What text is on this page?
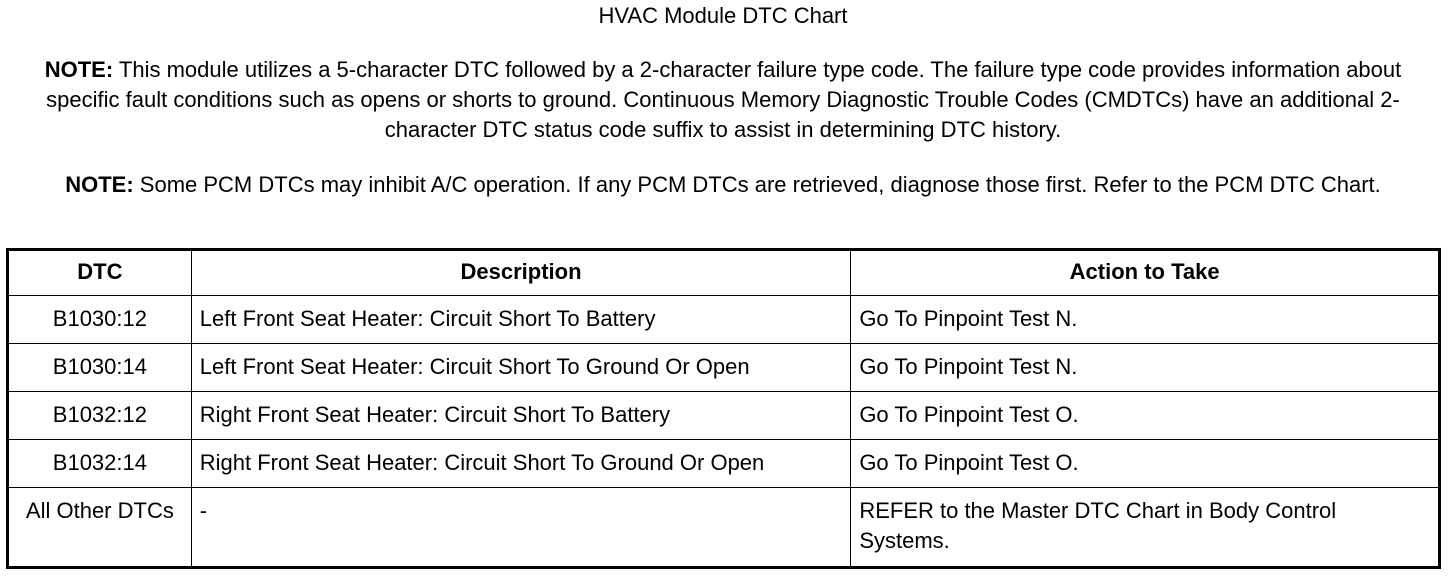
HVAC Module DTC Chart
NOTE: This module utilizes a 5-character DTC followed by a 2-character failure type code. The failure type code provides information about specific fault conditions such as opens or shorts to ground. Continuous Memory Diagnostic Trouble Codes (CMDTCs) have an additional 2-character DTC status code suffix to assist in determining DTC history.
NOTE: Some PCM DTCs may inhibit A/C operation. If any PCM DTCs are retrieved, diagnose those first. Refer to the PCM DTC Chart.
DTC	Description	Action to Take
B1030:12	Left Front Seat Heater: Circuit Short To Battery	Go To Pinpoint Test N.
B1030:14	Left Front Seat Heater: Circuit Short To Ground Or Open	Go To Pinpoint Test N.
B1032:12	Right Front Seat Heater: Circuit Short To Battery	Go To Pinpoint Test O.
B1032:14	Right Front Seat Heater: Circuit Short To Ground Or Open	Go To Pinpoint Test O.
All Other DTCs	-	REFER to the Master DTC Chart in Body Control Systems.
